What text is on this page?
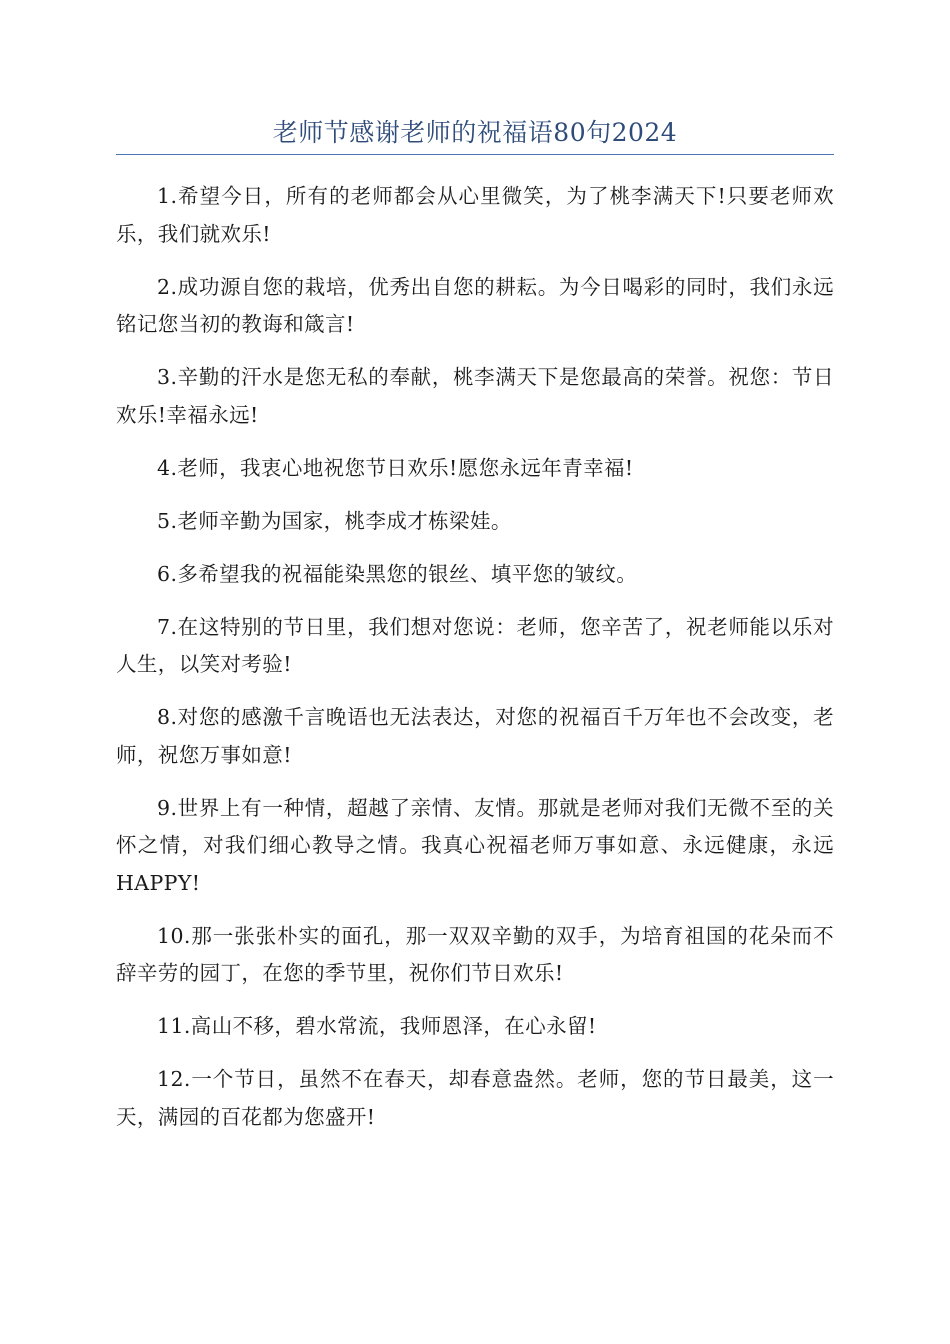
老师节感谢老师的祝福语80句2024

1.希望今日，所有的老师都会从心里微笑，为了桃李满天下!只要老师欢乐，我们就欢乐!

2.成功源自您的栽培，优秀出自您的耕耘。为今日喝彩的同时，我们永远铭记您当初的教诲和箴言!

3.辛勤的汗水是您无私的奉献，桃李满天下是您最高的荣誉。祝您：节日欢乐!幸福永远!

4.老师，我衷心地祝您节日欢乐!愿您永远年青幸福!

5.老师辛勤为国家，桃李成才栋梁娃。

6.多希望我的祝福能染黑您的银丝、填平您的皱纹。

7.在这特别的节日里，我们想对您说：老师，您辛苦了，祝老师能以乐对人生，以笑对考验!

8.对您的感激千言晚语也无法表达，对您的祝福百千万年也不会改变，老师，祝您万事如意!

9.世界上有一种情，超越了亲情、友情。那就是老师对我们无微不至的关怀之情，对我们细心教导之情。我真心祝福老师万事如意、永远健康，永远HAPPY!

10.那一张张朴实的面孔，那一双双辛勤的双手，为培育祖国的花朵而不辞辛劳的园丁，在您的季节里，祝你们节日欢乐!

11.高山不移，碧水常流，我师恩泽，在心永留!

12.一个节日，虽然不在春天，却春意盎然。老师，您的节日最美，这一天，满园的百花都为您盛开!
